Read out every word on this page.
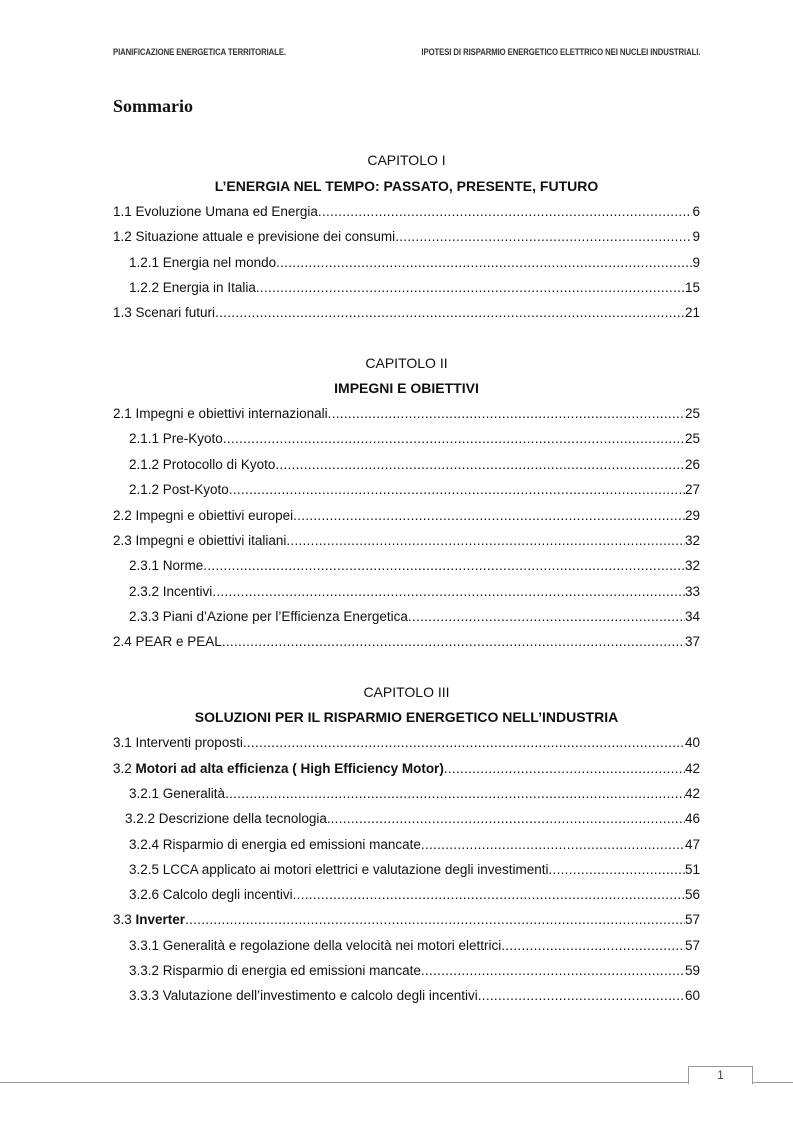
PIANIFICAZIONE ENERGETICA TERRITORIALE.	IPOTESI DI RISPARMIO ENERGETICO ELETTRICO NEI NUCLEI INDUSTRIALI.
Sommario
CAPITOLO I
L’ENERGIA NEL TEMPO: PASSATO, PRESENTE, FUTURO
1.1 Evoluzione Umana ed Energia .....	6
1.2 Situazione attuale e previsione dei consumi .....	9
1.2.1 Energia nel mondo .....	9
1.2.2 Energia in Italia .....	15
1.3 Scenari futuri .....	21
CAPITOLO II
IMPEGNI E OBIETTIVI
2.1 Impegni e obiettivi internazionali .....	25
2.1.1 Pre-Kyoto .....	25
2.1.2 Protocollo di Kyoto .....	26
2.1.2 Post-Kyoto .....	27
2.2 Impegni e obiettivi europei .....	29
2.3 Impegni e obiettivi italiani .....	32
2.3.1 Norme .....	32
2.3.2 Incentivi .....	33
2.3.3 Piani d’Azione per l’Efficienza Energetica .....	34
2.4 PEAR e PEAL .....	37
CAPITOLO III
SOLUZIONI PER IL RISPARMIO ENERGETICO NELL’INDUSTRIA
3.1 Interventi proposti .....	40
3.2 Motori ad alta efficienza ( High Efficiency Motor) .....	42
3.2.1 Generalità .....	42
3.2.2 Descrizione della tecnologia. .....	46
3.2.4 Risparmio di energia ed emissioni mancate .....	47
3.2.5 LCCA applicato ai motori elettrici e valutazione degli investimenti .....	51
3.2.6 Calcolo degli incentivi .....	56
3.3 Inverter .....	57
3.3.1 Generalità e regolazione della velocità nei motori elettrici .....	57
3.3.2 Risparmio di energia ed emissioni mancate .....	59
3.3.3 Valutazione dell’investimento e calcolo degli incentivi .....	60
1
